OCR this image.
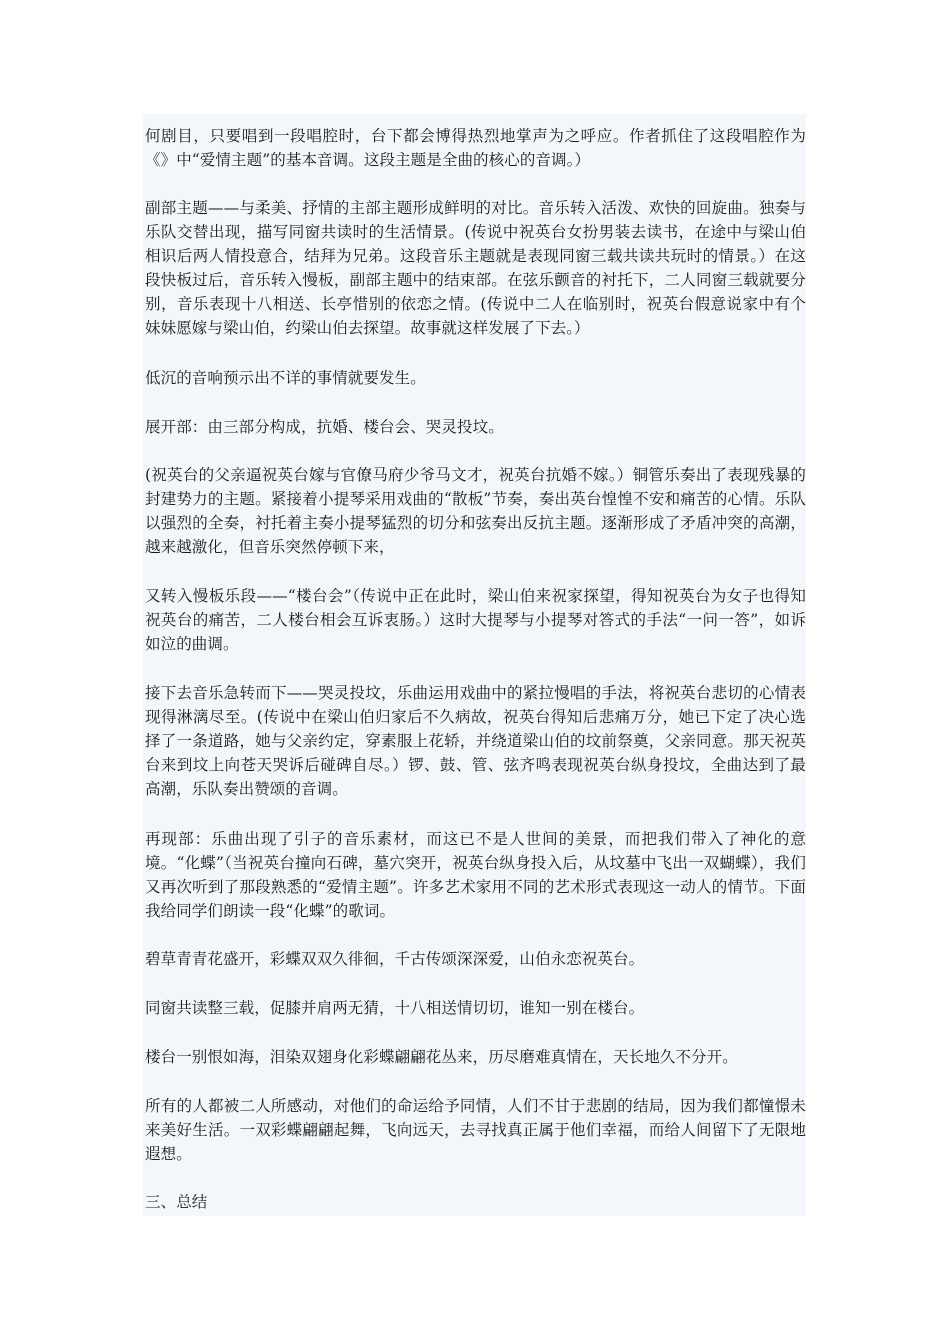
何剧目，只要唱到一段唱腔时，台下都会博得热烈地掌声为之呼应。作者抓住了这段唱腔作为《》中“爱情主题”的基本音调。这段主题是全曲的核心的音调。）

副部主题——与柔美、抒情的主部主题形成鲜明的对比。音乐转入活泼、欢快的回旋曲。独奏与乐队交替出现，描写同窗共读时的生活情景。(传说中祝英台女扮男装去读书，在途中与梁山伯相识后两人情投意合，结拜为兄弟。这段音乐主题就是表现同窗三载共读共玩时的情景。）在这段快板过后，音乐转入慢板，副部主题中的结束部。在弦乐颤音的衬托下，二人同窗三载就要分别，音乐表现十八相送、长亭惜别的依恋之情。(传说中二人在临别时，祝英台假意说家中有个妹妹愿嫁与梁山伯，约梁山伯去探望。故事就这样发展了下去。）

低沉的音响预示出不详的事情就要发生。

展开部：由三部分构成，抗婚、楼台会、哭灵投坟。

(祝英台的父亲逼祝英台嫁与官僚马府少爷马文才，祝英台抗婚不嫁。）铜管乐奏出了表现残暴的封建势力的主题。紧接着小提琴采用戏曲的“散板”节奏，奏出英台惶惶不安和痛苦的心情。乐队以强烈的全奏，衬托着主奏小提琴猛烈的切分和弦奏出反抗主题。逐渐形成了矛盾冲突的高潮，越来越激化，但音乐突然停顿下来，

又转入慢板乐段——“楼台会”（传说中正在此时，梁山伯来祝家探望，得知祝英台为女子也得知祝英台的痛苦，二人楼台相会互诉衷肠。）这时大提琴与小提琴对答式的手法“一问一答”，如诉如泣的曲调。

接下去音乐急转而下——哭灵投坟，乐曲运用戏曲中的紧拉慢唱的手法，将祝英台悲切的心情表现得淋漓尽至。(传说中在梁山伯归家后不久病故，祝英台得知后悲痛万分，她已下定了决心选择了一条道路，她与父亲约定，穿素服上花轿，并绕道梁山伯的坟前祭奠，父亲同意。那天祝英台来到坟上向苍天哭诉后碰碑自尽。）锣、鼓、管、弦齐鸣表现祝英台纵身投坟，全曲达到了最高潮，乐队奏出赞颂的音调。

再现部：乐曲出现了引子的音乐素材，而这已不是人世间的美景，而把我们带入了神化的意境。“化蝶”（当祝英台撞向石碑，墓穴突开，祝英台纵身投入后，从坟墓中飞出一双蝴蝶），我们又再次听到了那段熟悉的“爱情主题”。许多艺术家用不同的艺术形式表现这一动人的情节。下面我给同学们朗读一段“化蝶”的歌词。

碧草青青花盛开，彩蝶双双久徘徊，千古传颂深深爱，山伯永恋祝英台。

同窗共读整三载，促膝并肩两无猜，十八相送情切切，谁知一别在楼台。

楼台一别恨如海，泪染双翅身化彩蝶翩翩花丛来，历尽磨难真情在，天长地久不分开。

所有的人都被二人所感动，对他们的命运给予同情，人们不甘于悲剧的结局，因为我们都憧憬未来美好生活。一双彩蝶翩翩起舞，飞向远天，去寻找真正属于他们幸福，而给人间留下了无限地遐想。

三、总结
